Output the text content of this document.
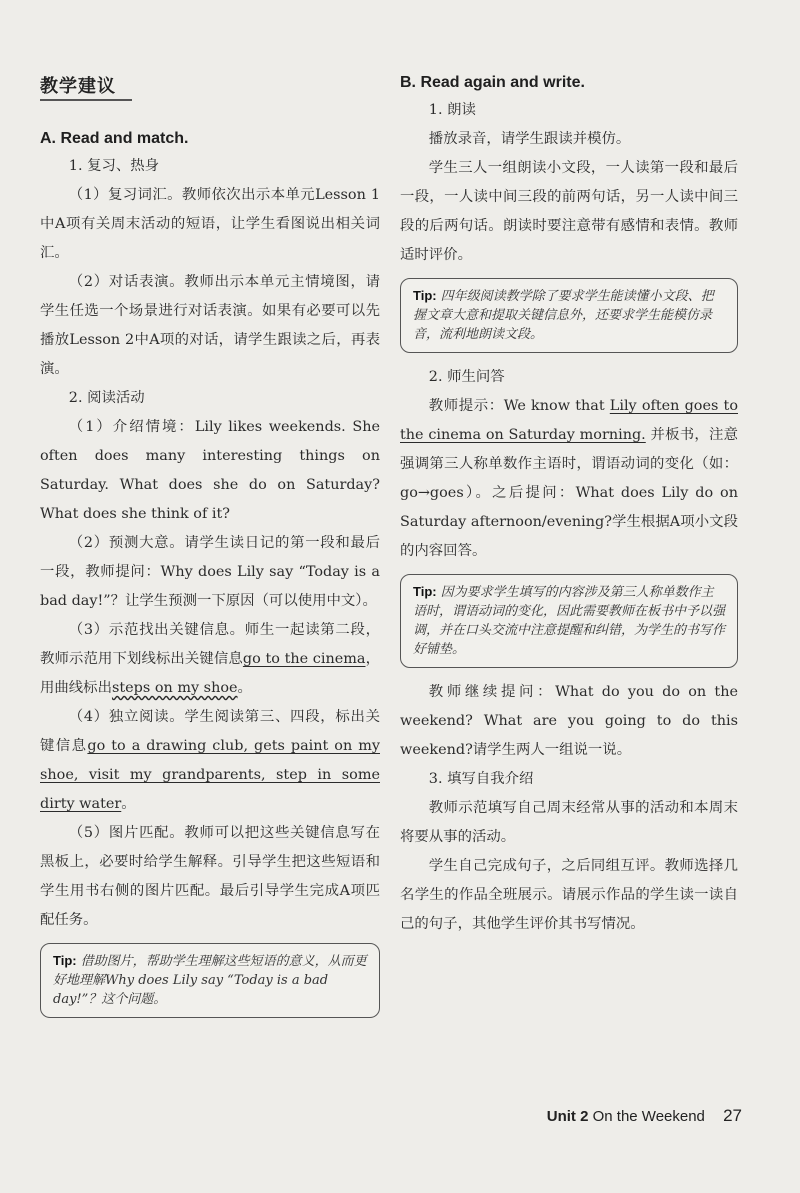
教学建议
A. Read and match.

1. 复习、热身

（1）复习词汇。教师依次出示本单元Lesson 1中A项有关周末活动的短语，让学生看图说出相关词汇。

（2）对话表演。教师出示本单元主情境图，请学生任选一个场景进行对话表演。如果有必要可以先播放Lesson 2中A项的对话，请学生跟读之后，再表演。

2. 阅读活动

（1）介绍情境：Lily likes weekends. She often does many interesting things on Saturday. What does she do on Saturday? What does she think of it?

（2）预测大意。请学生读日记的第一段和最后一段，教师提问：Why does Lily say “Today is a bad day!”？让学生预测一下原因（可以使用中文）。

（3）示范找出关键信息。师生一起读第二段，教师示范用下划线标出关键信息go to the cinema，用曲线标出steps on my shoe。

（4）独立阅读。学生阅读第三、四段，标出关键信息go to a drawing club, gets paint on my shoe, visit my grandparents, step in some dirty water。

（5）图片匹配。教师可以把这些关键信息写在黑板上，必要时给学生解释。引导学生把这些短语和学生用书右侧的图片匹配。最后引导学生完成A项匹配任务。

Tip: 借助图片，帮助学生理解这些短语的意义，从而更好地理解Why does Lily say “Today is a bad day!”？这个问题。
B. Read again and write.

1. 朗读

播放录音，请学生跟读并模仿。

学生三人一组朗读小文段，一人读第一段和最后一段，一人读中间三段的前两句话，另一人读中间三段的后两句话。朗读时要注意带有感情和表情。教师适时评价。

Tip: 四年级阅读教学除了要求学生能读懂小文段、把握文章大意和提取关键信息外，还要求学生能模仿录音，流利地朗读文段。

2. 师生问答

教师提示：We know that Lily often goes to the cinema on Saturday morning. 并板书，注意强调第三人称单数作主语时，谓语动词的变化（如：go→goes）。之后提问：What does Lily do on Saturday afternoon/evening?学生根据A项小文段的内容回答。

Tip: 因为要求学生填写的内容涉及第三人称单数作主语时，谓语动词的变化，因此需要教师在板书中予以强调，并在口头交流中注意提醒和纠错，为学生的书写作好铺垫。

教师继续提问：What do you do on the weekend? What are you going to do this weekend?请学生两人一组说一说。

3. 填写自我介绍

教师示范填写自己周末经常从事的活动和本周末将要从事的活动。

学生自己完成句子，之后同组互评。教师选择几名学生的作品全班展示。请展示作品的学生读一读自己的句子，其他学生评价其书写情况。

Unit 2 On the Weekend 27
